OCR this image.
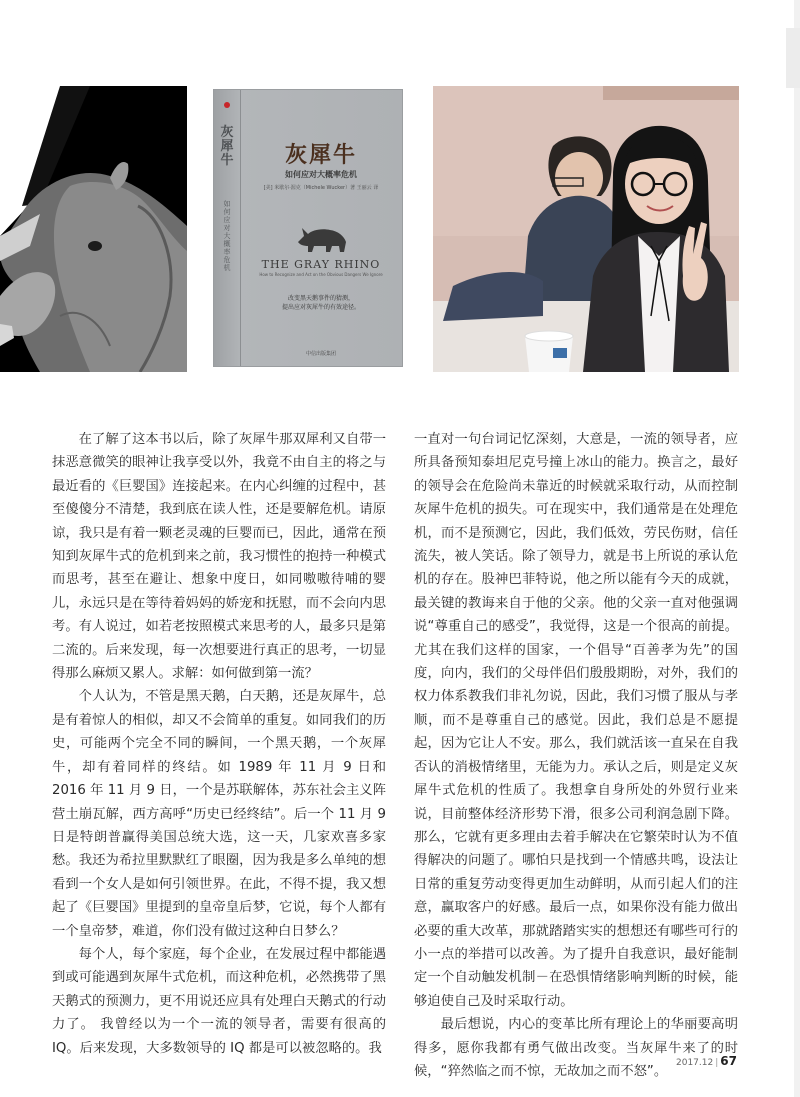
灰犀牛
如何应对大概率危机
灰犀牛
如何应对大概率危机
[美] 米歇尔·渥克（Michele Wucker）著 王丽云 译
THE GRAY RHINO
How to Recognize and Act on the Obvious Dangers We Ignore
改变黑天鹅事件的猜测，
提出应对灰犀牛的有效途径。
中信出版集团

在了解了这本书以后，除了灰犀牛那双犀利又自带一抹恶意微笑的眼神让我享受以外，我竟不由自主的将之与最近看的《巨婴国》连接起来。在内心纠缠的过程中，甚至傻傻分不清楚，我到底在读人性，还是要解危机。请原谅，我只是有着一颗老灵魂的巨婴而已，因此，通常在预知到灰犀牛式的危机到来之前，我习惯性的抱持一种模式而思考，甚至在避让、想象中度日，如同嗷嗷待哺的婴儿，永远只是在等待着妈妈的娇宠和抚慰，而不会向内思考。有人说过，如若老按照模式来思考的人，最多只是第二流的。后来发现，每一次想要进行真正的思考，一切显得那么麻烦又累人。求解：如何做到第一流？

个人认为，不管是黑天鹅，白天鹅，还是灰犀牛，总是有着惊人的相似，却又不会简单的重复。如同我们的历史，可能两个完全不同的瞬间，一个黑天鹅，一个灰犀牛，却有着同样的终结。如 1989 年 11 月 9 日和 2016 年 11 月 9 日，一个是苏联解体，苏东社会主义阵营土崩瓦解，西方高呼“历史已经终结”。后一个 11 月 9 日是特朗普赢得美国总统大选，这一天，几家欢喜多家愁。我还为希拉里默默红了眼圈，因为我是多么单纯的想看到一个女人是如何引领世界。在此，不得不提，我又想起了《巨婴国》里提到的皇帝皇后梦，它说，每个人都有一个皇帝梦，难道，你们没有做过这种白日梦么？

每个人，每个家庭，每个企业，在发展过程中都能遇到或可能遇到灰犀牛式危机，而这种危机，必然携带了黑天鹅式的预测力，更不用说还应具有处理白天鹅式的行动力了。 我曾经以为一个一流的领导者，需要有很高的 IQ。后来发现，大多数领导的 IQ 都是可以被忽略的。我

一直对一句台词记忆深刻，大意是，一流的领导者，应所具备预知泰坦尼克号撞上冰山的能力。换言之，最好的领导会在危险尚未靠近的时候就采取行动，从而控制灰犀牛危机的损失。可在现实中，我们通常是在处理危机，而不是预测它，因此，我们低效，劳民伤财，信任流失，被人笑话。除了领导力，就是书上所说的承认危机的存在。股神巴菲特说，他之所以能有今天的成就，最关键的教诲来自于他的父亲。他的父亲一直对他强调说“尊重自己的感受”，我觉得，这是一个很高的前提。尤其在我们这样的国家，一个倡导“百善孝为先”的国度，向内，我们的父母伴侣们殷殷期盼，对外，我们的权力体系教我们非礼勿说，因此，我们习惯了服从与孝顺，而不是尊重自己的感觉。因此，我们总是不愿提起，因为它让人不安。那么，我们就活该一直呆在自我否认的消极情绪里，无能为力。承认之后，则是定义灰犀牛式危机的性质了。我想拿自身所处的外贸行业来说，目前整体经济形势下滑，很多公司利润急剧下降。那么，它就有更多理由去着手解决在它繁荣时认为不值得解决的问题了。哪怕只是找到一个情感共鸣，设法让日常的重复劳动变得更加生动鲜明，从而引起人们的注意，赢取客户的好感。最后一点，如果你没有能力做出必要的重大改革，那就踏踏实实的想想还有哪些可行的小一点的举措可以改善。为了提升自我意识，最好能制定一个自动触发机制－在恐惧情绪影响判断的时候，能够迫使自己及时采取行动。

最后想说，内心的变革比所有理论上的华丽要高明得多，愿你我都有勇气做出改变。当灰犀牛来了的时候，“猝然临之而不惊，无故加之而不怒”。

2017.12 | 67
